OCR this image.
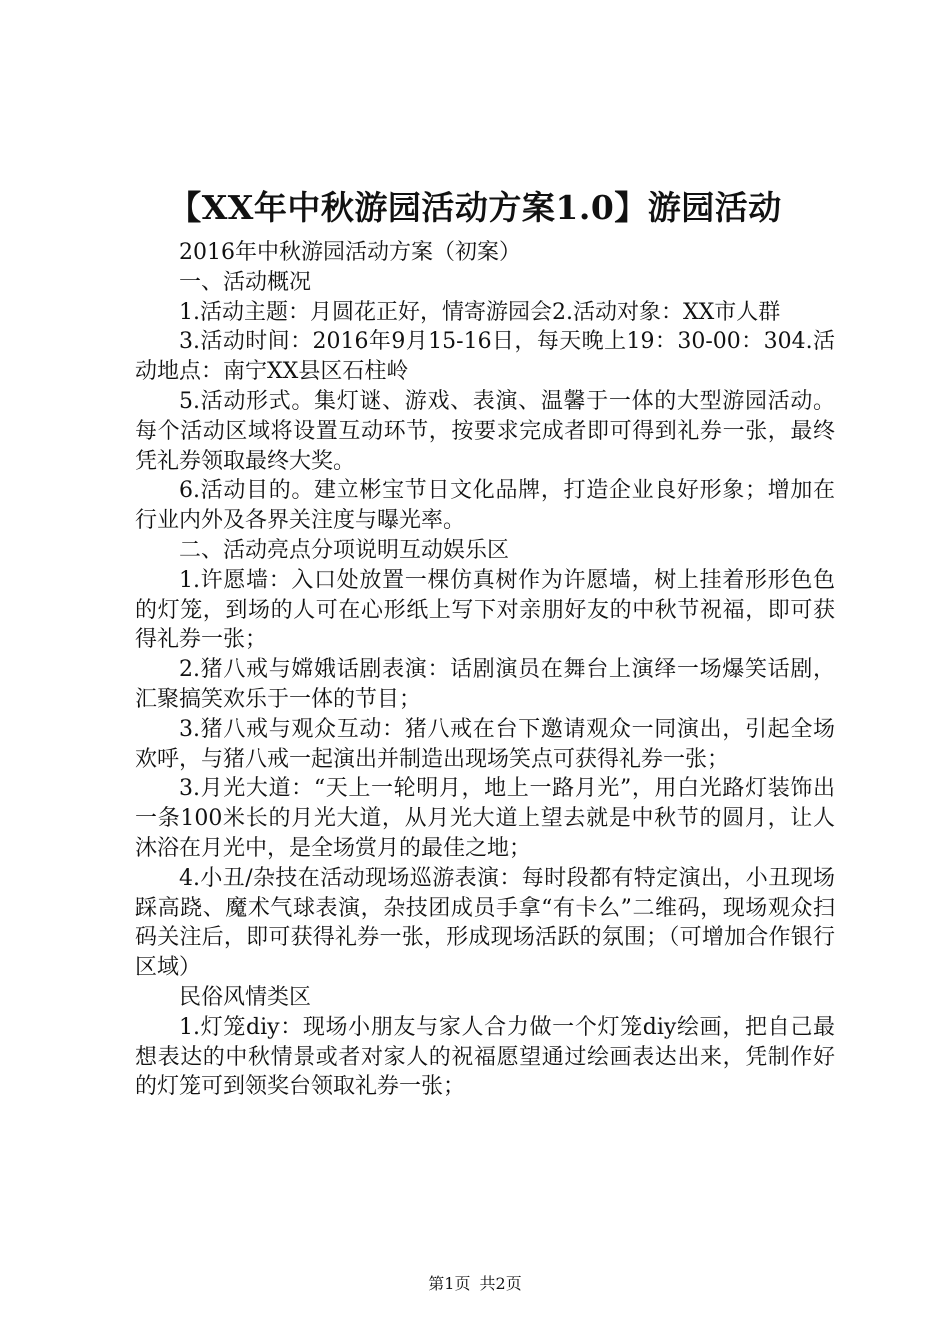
【XX年中秋游园活动方案1.0】游园活动

2016年中秋游园活动方案（初案）

一、活动概况

1.活动主题：月圆花正好，情寄游园会2.活动对象：XX市人群

3.活动时间：2016年9月15-16日，每天晚上19：30-00：304.活动地点：南宁XX县区石柱岭

5.活动形式。集灯谜、游戏、表演、温馨于一体的大型游园活动。每个活动区域将设置互动环节，按要求完成者即可得到礼券一张，最终凭礼券领取最终大奖。

6.活动目的。建立彬宝节日文化品牌，打造企业良好形象；增加在行业内外及各界关注度与曝光率。

二、活动亮点分项说明互动娱乐区

1.许愿墙：入口处放置一棵仿真树作为许愿墙，树上挂着形形色色的灯笼，到场的人可在心形纸上写下对亲朋好友的中秋节祝福，即可获得礼券一张；

2.猪八戒与嫦娥话剧表演：话剧演员在舞台上演绎一场爆笑话剧，汇聚搞笑欢乐于一体的节目；

3.猪八戒与观众互动：猪八戒在台下邀请观众一同演出，引起全场欢呼，与猪八戒一起演出并制造出现场笑点可获得礼券一张；

3.月光大道：“天上一轮明月，地上一路月光”，用白光路灯装饰出一条100米长的月光大道，从月光大道上望去就是中秋节的圆月，让人沐浴在月光中，是全场赏月的最佳之地；

4.小丑/杂技在活动现场巡游表演：每时段都有特定演出，小丑现场踩高跷、魔术气球表演，杂技团成员手拿“有卡么”二维码，现场观众扫码关注后，即可获得礼券一张，形成现场活跃的氛围；（可增加合作银行区域）

民俗风情类区

1.灯笼diy：现场小朋友与家人合力做一个灯笼diy绘画，把自己最想表达的中秋情景或者对家人的祝福愿望通过绘画表达出来，凭制作好的灯笼可到领奖台领取礼券一张；

第1页 共2页
